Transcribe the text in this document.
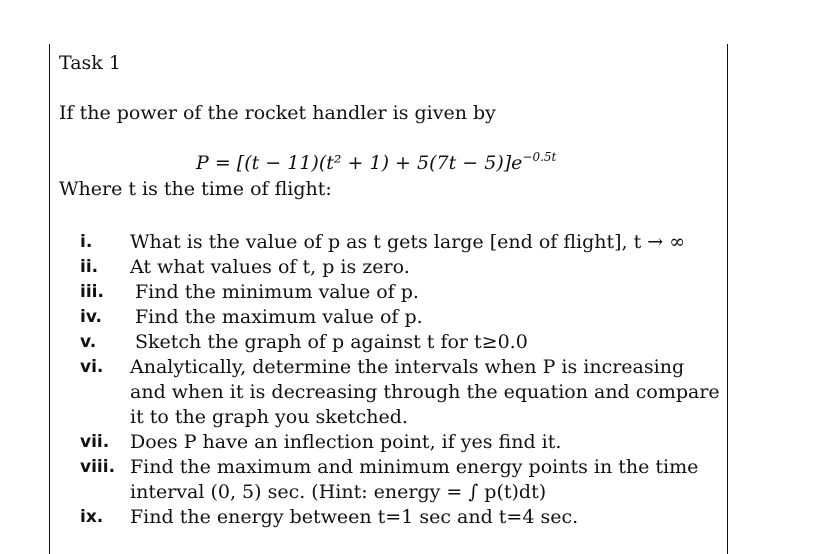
Task 1
If the power of the rocket handler is given by
$P = [(t - 11)(t^2 + 1) + 5(7t - 5)]e^{-0.5t}$
Where t is the time of flight:
i.	What is the value of p as t gets large [end of flight], t → ∞
ii.	At what values of t, p is zero.
iii.	Find the minimum value of p.
iv.	Find the maximum value of p.
v.	Sketch the graph of p against t for t≥0.0
vi.	Analytically, determine the intervals when P is increasing and when it is decreasing through the equation and compare it to the graph you sketched.
vii.	Does P have an inflection point, if yes find it.
viii. Find the maximum and minimum energy points in the time interval (0, 5) sec. (Hint: energy = ∫ p(t)dt)
ix.	Find the energy between t=1 sec and t=4 sec.
